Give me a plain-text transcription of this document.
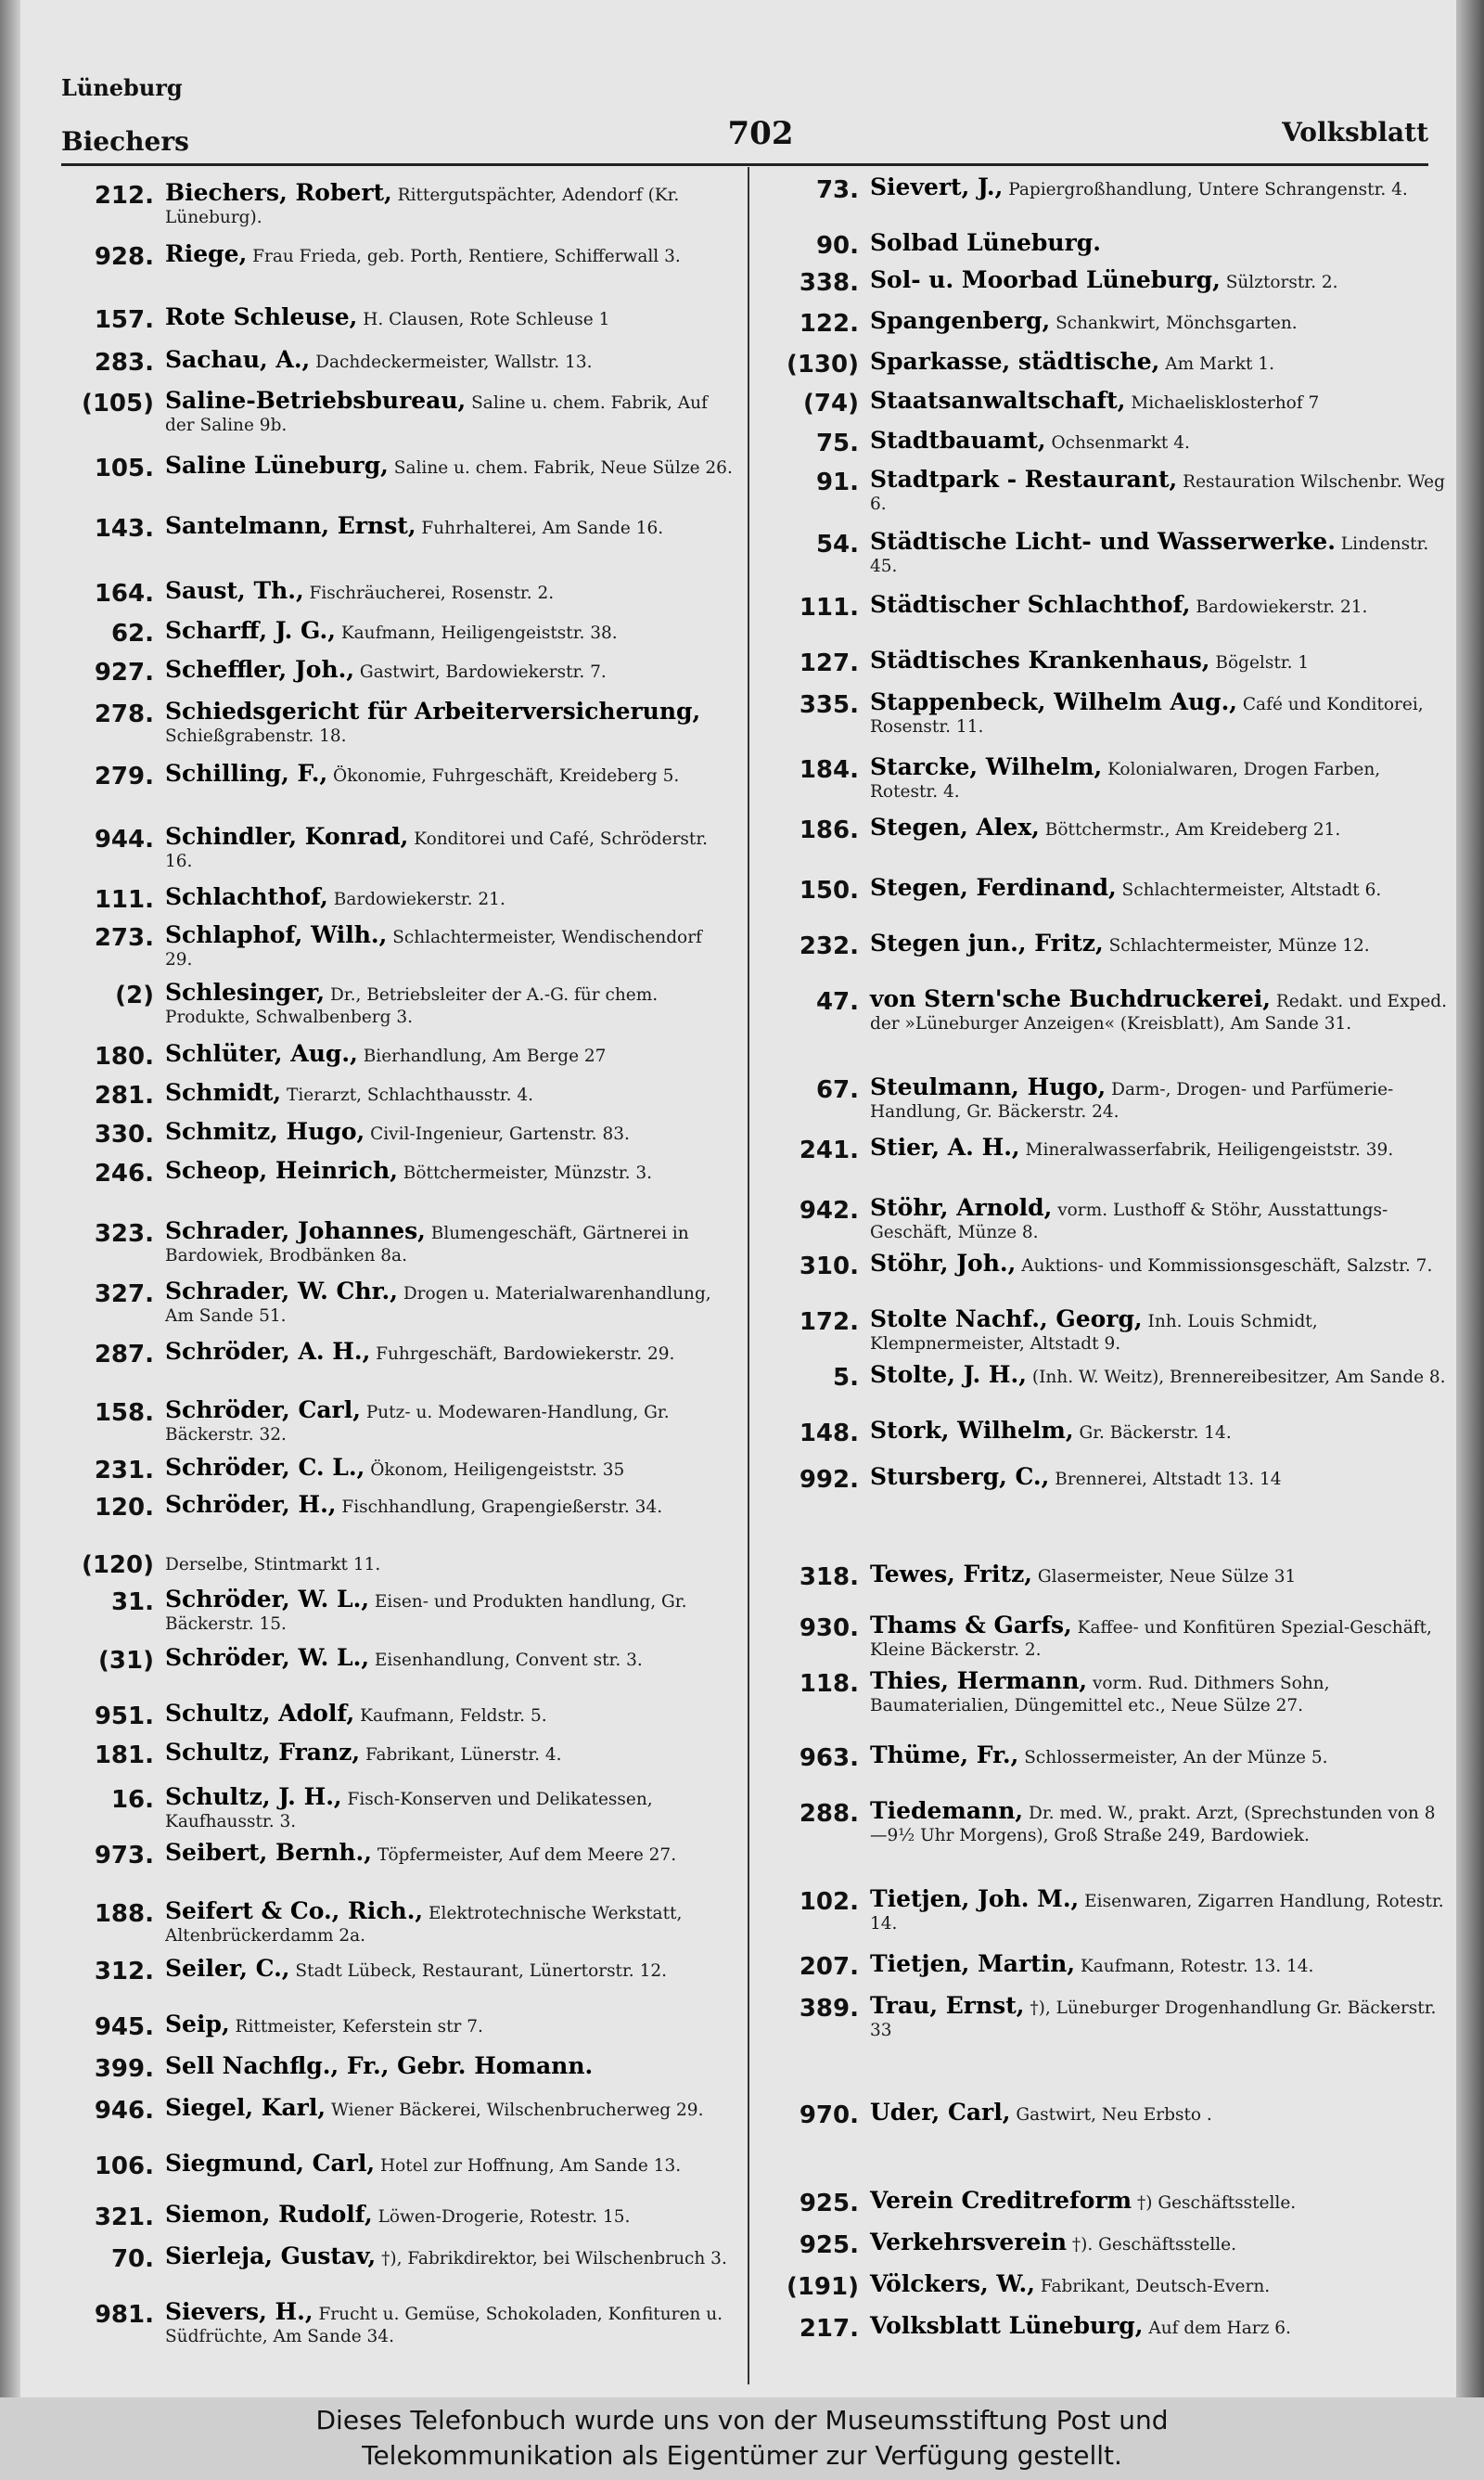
Lüneburg
Biechers	702	Volksblatt
212. Biechers, Robert, Rittergutspächter, Adendorf (Kr. Lüneburg).
928. Riege, Frau Frieda, geb. Porth, Rentiere, Schifferwall 3.
157. Rote Schleuse, H. Clausen, Rote Schleuse 1
283. Sachau, A., Dachdeckermeister, Wallstr. 13.
(105) Saline-Betriebsbureau, Saline u. chem. Fabrik, Auf der Saline 9b.
105. Saline Lüneburg, Saline u. chem. Fabrik, Neue Sülze 26.
143. Santelmann, Ernst, Fuhrhalterei, Am Sande 16.
164. Saust, Th., Fischräucherei, Rosenstr. 2.
62. Scharff, J. G., Kaufmann, Heiligengeiststr. 38.
927. Scheffler, Joh., Gastwirt, Bardowiekerstr. 7.
278. Schiedsgericht für Arbeiterversicherung, Schießgrabenstr. 18.
279. Schilling, F., Ökonomie, Fuhrgeschäft, Kreideberg 5.
944. Schindler, Konrad, Konditorei und Café, Schröderstr. 16.
111. Schlachthof, Bardowiekerstr. 21.
273. Schlaphof, Wilh., Schlachtermeister, Wendischendorf 29.
(2) Schlesinger, Dr., Betriebsleiter der A.-G. für chem. Produkte, Schwalbenberg 3.
180. Schlüter, Aug., Bierhandlung, Am Berge 27
281. Schmidt, Tierarzt, Schlachthausstr. 4.
330. Schmitz, Hugo, Civil-Ingenieur, Gartenstr. 83.
246. Scheop, Heinrich, Böttchermeister, Münzstr. 3.
323. Schrader, Johannes, Blumengeschäft, Gärtnerei in Bardowiek, Brodbänken 8a.
327. Schrader, W. Chr., Drogen u. Materialwarenhandlung, Am Sande 51.
287. Schröder, A. H., Fuhrgeschäft, Bardowiekerstr. 29.
158. Schröder, Carl, Putz- u. Modewaren-Handlung, Gr. Bäckerstr. 32.
231. Schröder, C. L., Ökonom, Heiligengeiststr. 35
120. Schröder, H., Fischhandlung, Grapengießerstr. 34.
(120) Derselbe, Stintmarkt 11.
31. Schröder, W. L., Eisen- und Produkten handlung, Gr. Bäckerstr. 15.
(31) Schröder, W. L., Eisenhandlung, Convent str. 3.
951. Schultz, Adolf, Kaufmann, Feldstr. 5.
181. Schultz, Franz, Fabrikant, Lünerstr. 4.
16. Schultz, J. H., Fisch-Konserven und Delikatessen, Kaufhausstr. 3.
973. Seibert, Bernh., Töpfermeister, Auf dem Meere 27.
188. Seifert & Co., Rich., Elektrotechnische Werkstatt, Altenbrückerdamm 2a.
312. Seiler, C., Stadt Lübeck, Restaurant, Lünertorstr. 12.
945. Seip, Rittmeister, Keferstein str 7.
399. Sell Nachflg., Fr., Gebr. Homann.
946. Siegel, Karl, Wiener Bäckerei, Wilschenbrucherweg 29.
106. Siegmund, Carl, Hotel zur Hoffnung, Am Sande 13.
321. Siemon, Rudolf, Löwen-Drogerie, Rotestr. 15.
70. Sierleja, Gustav, †), Fabrikdirektor, bei Wilschenbruch 3.
981. Sievers, H., Frucht u. Gemüse, Schokoladen, Konfituren u. Südfrüchte, Am Sande 34.
73. Sievert, J., Papiergroßhandlung, Untere Schrangenstr. 4.
90. Solbad Lüneburg.
338. Sol- u. Moorbad Lüneburg, Sülztorstr. 2.
122. Spangenberg, Schankwirt, Mönchsgarten.
(130) Sparkasse, städtische, Am Markt 1.
(74) Staatsanwaltschaft, Michaelisklosterhof 7
75. Stadtbauamt, Ochsenmarkt 4.
91. Stadtpark - Restaurant, Restauration Wilschenbr. Weg 6.
54. Städtische Licht- und Wasserwerke. Lindenstr. 45.
111. Städtischer Schlachthof, Bardowiekerstr. 21.
127. Städtisches Krankenhaus, Bögelstr. 1
335. Stappenbeck, Wilhelm Aug., Café und Konditorei, Rosenstr. 11.
184. Starcke, Wilhelm, Kolonialwaren, Drogen Farben, Rotestr. 4.
186. Stegen, Alex, Böttchermstr., Am Kreideberg 21.
150. Stegen, Ferdinand, Schlachtermeister, Altstadt 6.
232. Stegen jun., Fritz, Schlachtermeister, Münze 12.
47. von Stern'sche Buchdruckerei, Redakt. und Exped. der »Lüneburger Anzeigen« (Kreisblatt), Am Sande 31.
67. Steulmann, Hugo, Darm-, Drogen- und Parfümerie-Handlung, Gr. Bäckerstr. 24.
241. Stier, A. H., Mineralwasserfabrik, Heiligengeiststr. 39.
942. Stöhr, Arnold, vorm. Lusthoff & Stöhr, Ausstattungs-Geschäft, Münze 8.
310. Stöhr, Joh., Auktions- und Kommissionsgeschäft, Salzstr. 7.
172. Stolte Nachf., Georg, Inh. Louis Schmidt, Klempnermeister, Altstadt 9.
5. Stolte, J. H., (Inh. W. Weitz), Brennereibesitzer, Am Sande 8.
148. Stork, Wilhelm, Gr. Bäckerstr. 14.
992. Stursberg, C., Brennerei, Altstadt 13. 14
318. Tewes, Fritz, Glasermeister, Neue Sülze 31
930. Thams & Garfs, Kaffee- und Konfitüren Spezial-Geschäft, Kleine Bäckerstr. 2.
118. Thies, Hermann, vorm. Rud. Dithmers Sohn, Baumaterialien, Düngemittel etc., Neue Sülze 27.
963. Thüme, Fr., Schlossermeister, An der Münze 5.
288. Tiedemann, Dr. med. W., prakt. Arzt, (Sprechstunden von 8—9½ Uhr Morgens), Groß Straße 249, Bardowiek.
102. Tietjen, Joh. M., Eisenwaren, Zigarren Handlung, Rotestr. 14.
207. Tietjen, Martin, Kaufmann, Rotestr. 13. 14.
389. Trau, Ernst, †), Lüneburger Drogenhandlung Gr. Bäckerstr. 33
970. Uder, Carl, Gastwirt, Neu Erbsto .
925. Verein Creditreform †) Geschäftsstelle.
925. Verkehrsverein †). Geschäftsstelle.
(191) Völckers, W., Fabrikant, Deutsch-Evern.
217. Volksblatt Lüneburg, Auf dem Harz 6.
Dieses Telefonbuch wurde uns von der Museumsstiftung Post und
Telekommunikation als Eigentümer zur Verfügung gestellt.
